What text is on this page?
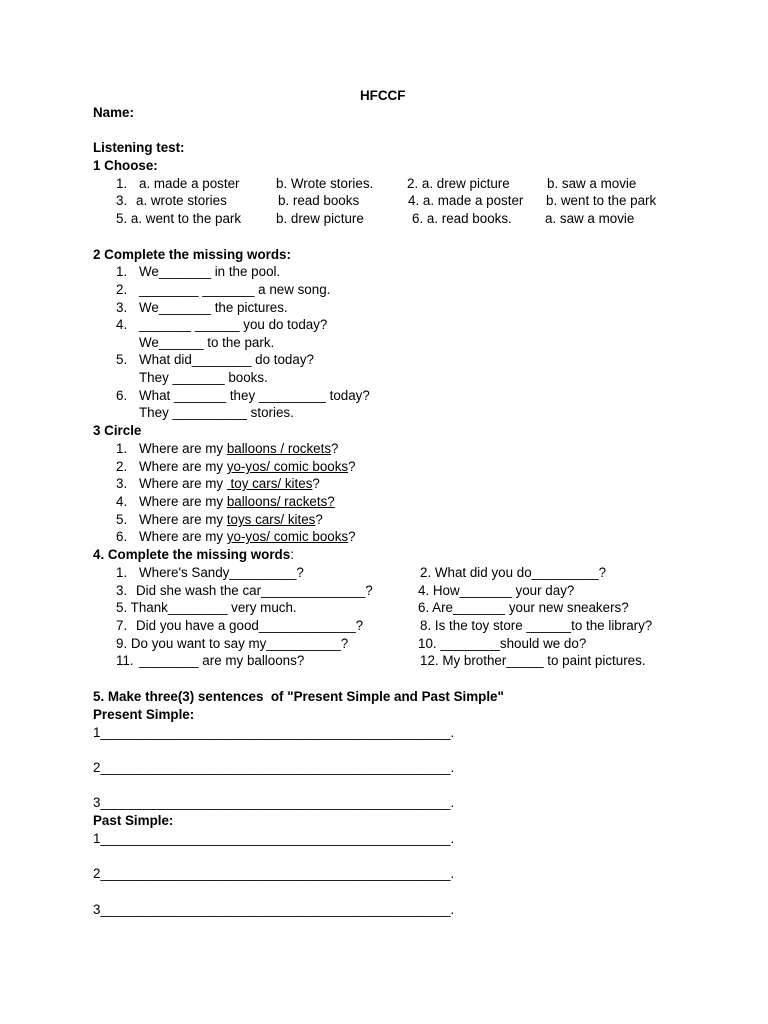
HFCCF
Name:
Listening test:
1 Choose:
1. a. made a poster	b. Wrote stories.	2. a. drew picture	b. saw a movie
3. a. wrote stories	b. read books	4. a. made a poster b. went to the park
5. a. went to the park	b. drew picture	6. a. read books. a. saw a movie
2 Complete the missing words:
1. We_______ in the pool.
2. ________ _______ a new song.
3. We_______ the pictures.
4. _______ ______ you do today?
We______ to the park.
5. What did________ do today?
They _______ books.
6. What _______ they _________ today?
They __________ stories.
3 Circle
1. Where are my balloons / rockets?
2. Where are my yo-yos/ comic books?
3. Where are my  toy cars/ kites?
4. Where are my balloons/ rackets?
5. Where are my toys cars/ kites?
6. Where are my yo-yos/ comic books?
4. Complete the missing words:
1. Where's Sandy_________?	2. What did you do_________?
3. Did she wash the car______________?	4. How_______ your day?
5. Thank________ very much.	6. Are_______ your new sneakers?
7. Did you have a good_____________?	8. Is the toy store ______to the library?
9. Do you want to say my__________?	10. ________should we do?
11. ________ are my balloons?	12. My brother_____ to paint pictures.
5. Make three(3) sentences  of "Present Simple and Past Simple"
Present Simple:
1_______________________________________________.
2_______________________________________________.
3_______________________________________________.
Past Simple:
1_______________________________________________.
2_______________________________________________.
3_______________________________________________.
